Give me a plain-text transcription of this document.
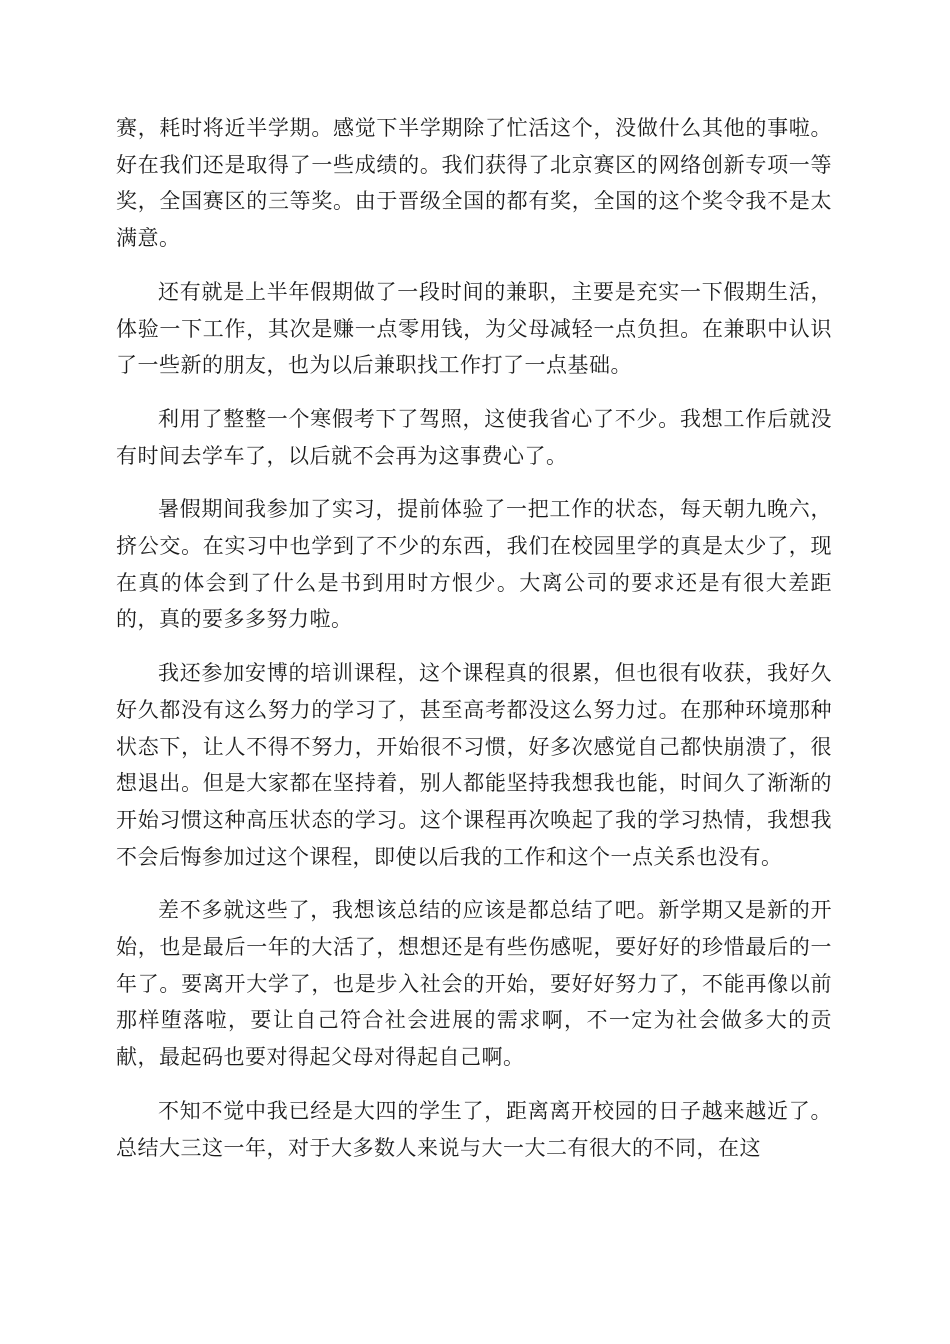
赛，耗时将近半学期。感觉下半学期除了忙活这个，没做什么其他的事啦。好在我们还是取得了一些成绩的。我们获得了北京赛区的网络创新专项一等奖，全国赛区的三等奖。由于晋级全国的都有奖，全国的这个奖令我不是太满意。

还有就是上半年假期做了一段时间的兼职，主要是充实一下假期生活，体验一下工作，其次是赚一点零用钱，为父母减轻一点负担。在兼职中认识了一些新的朋友，也为以后兼职找工作打了一点基础。

利用了整整一个寒假考下了驾照，这使我省心了不少。我想工作后就没有时间去学车了，以后就不会再为这事费心了。

暑假期间我参加了实习，提前体验了一把工作的状态，每天朝九晚六，挤公交。在实习中也学到了不少的东西，我们在校园里学的真是太少了，现在真的体会到了什么是书到用时方恨少。大离公司的要求还是有很大差距的，真的要多多努力啦。

我还参加安博的培训课程，这个课程真的很累，但也很有收获，我好久好久都没有这么努力的学习了，甚至高考都没这么努力过。在那种环境那种状态下，让人不得不努力，开始很不习惯，好多次感觉自己都快崩溃了，很想退出。但是大家都在坚持着，别人都能坚持我想我也能，时间久了渐渐的开始习惯这种高压状态的学习。这个课程再次唤起了我的学习热情，我想我不会后悔参加过这个课程，即使以后我的工作和这个一点关系也没有。

差不多就这些了，我想该总结的应该是都总结了吧。新学期又是新的开始，也是最后一年的大活了，想想还是有些伤感呢，要好好的珍惜最后的一年了。要离开大学了，也是步入社会的开始，要好好努力了，不能再像以前那样堕落啦，要让自己符合社会进展的需求啊，不一定为社会做多大的贡献，最起码也要对得起父母对得起自己啊。

不知不觉中我已经是大四的学生了，距离离开校园的日子越来越近了。总结大三这一年，对于大多数人来说与大一大二有很大的不同，在这
